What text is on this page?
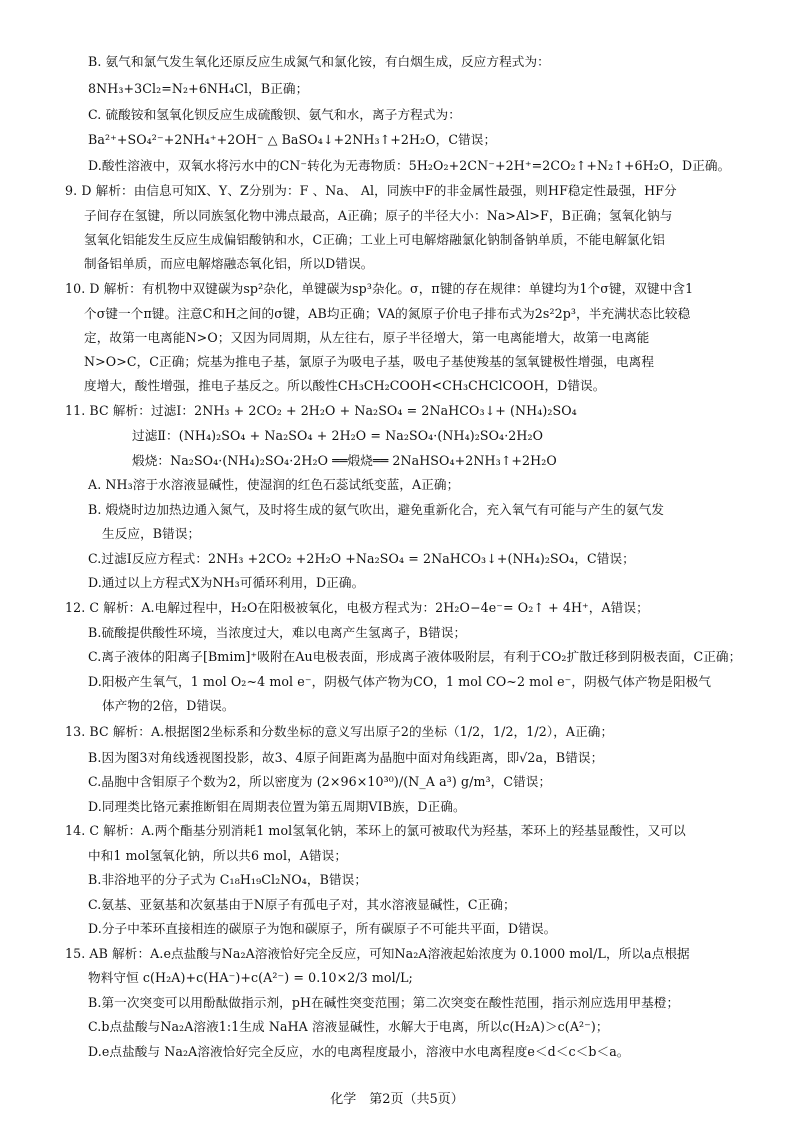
B. 氨气和氯气发生氧化还原反应生成氮气和氯化铵，有白烟生成，反应方程式为：
8NH₃+3Cl₂=N₂+6NH₄Cl，B正确；
C. 硫酸铵和氢氧化钡反应生成硫酸钡、氨气和水，离子方程式为：
Ba²⁺+SO₄²⁻+2NH₄⁺+2OH⁻ △ BaSO₄↓+2NH₃↑+2H₂O，C错误；
D.酸性溶液中，双氧水将污水中的CN⁻转化为无毒物质：5H₂O₂+2CN⁻+2H⁺=2CO₂↑+N₂↑+6H₂O，D正确。
9. D 解析：由信息可知X、Y、Z分别为：F 、Na、 Al，同族中F的非金属性最强，则HF稳定性最强，HF分
子间存在氢键，所以同族氢化物中沸点最高，A正确；原子的半径大小：Na>Al>F，B正确；氢氧化钠与
氢氧化铝能发生反应生成偏铝酸钠和水，C正确；工业上可电解熔融氯化钠制备钠单质，不能电解氯化铝
制备铝单质，而应电解熔融态氧化铝，所以D错误。
10. D 解析：有机物中双键碳为sp²杂化，单键碳为sp³杂化。σ，π键的存在规律：单键均为1个σ键，双键中含1
个σ键一个π键。注意C和H之间的σ键，AB均正确；VA的氮原子价电子排布式为2s²2p³，半充满状态比较稳
定，故第一电离能N>O；又因为同周期，从左往右，原子半径增大，第一电离能增大，故第一电离能
N>O>C，C正确；烷基为推电子基，氯原子为吸电子基，吸电子基使羧基的氢氧键极性增强，电离程
度增大，酸性增强，推电子基反之。所以酸性CH₃CH₂COOH<CH₃CHClCOOH，D错误。
11. BC 解析：过滤Ⅰ：2NH₃ + 2CO₂ + 2H₂O + Na₂SO₄ = 2NaHCO₃↓+ (NH₄)₂SO₄
过滤Ⅱ：(NH₄)₂SO₄ + Na₂SO₄ + 2H₂O = Na₂SO₄·(NH₄)₂SO₄·2H₂O
煅烧：Na₂SO₄·(NH₄)₂SO₄·2H₂O ══煅烧══ 2NaHSO₄+2NH₃↑+2H₂O
A. NH₃溶于水溶液显碱性，使湿润的红色石蕊试纸变蓝，A正确；
B. 煅烧时边加热边通入氮气，及时将生成的氨气吹出，避免重新化合，充入氧气有可能与产生的氨气发
生反应，B错误；
C.过滤Ⅰ反应方程式：2NH₃ +2CO₂ +2H₂O +Na₂SO₄ = 2NaHCO₃↓+(NH₄)₂SO₄，C错误；
D.通过以上方程式X为NH₃可循环利用，D正确。
12. C 解析：A.电解过程中，H₂O在阳极被氧化，电极方程式为：2H₂O−4e⁻= O₂↑ + 4H⁺，A错误；
B.硫酸提供酸性环境，当浓度过大，难以电离产生氢离子，B错误；
C.离子液体的阳离子[Bmim]⁺吸附在Au电极表面，形成离子液体吸附层，有利于CO₂扩散迁移到阴极表面，C正确；
D.阳极产生氧气，1 mol O₂~4 mol e⁻，阴极气体产物为CO，1 mol CO~2 mol e⁻，阴极气体产物是阳极气
体产物的2倍，D错误。
13. BC 解析：A.根据图2坐标系和分数坐标的意义写出原子2的坐标（1/2，1/2，1/2），A正确；
B.因为图3对角线透视图投影，故3、4原子间距离为晶胞中面对角线距离，即√2a，B错误；
C.晶胞中含钼原子个数为2，所以密度为 (2×96×10³⁰)/(N_A a³) g/m³，C错误；
D.同理类比铬元素推断钼在周期表位置为第五周期VIB族，D正确。
14. C 解析：A.两个酯基分别消耗1 mol氢氧化钠，苯环上的氯可被取代为羟基，苯环上的羟基显酸性，又可以
中和1 mol氢氧化钠，所以共6 mol，A错误；
B.非浴地平的分子式为 C₁₈H₁₉Cl₂NO₄，B错误；
C.氨基、亚氨基和次氨基由于N原子有孤电子对，其水溶液显碱性，C正确；
D.分子中苯环直接相连的碳原子为饱和碳原子，所有碳原子不可能共平面，D错误。
15. AB 解析：A.e点盐酸与Na₂A溶液恰好完全反应，可知Na₂A溶液起始浓度为 0.1000 mol/L，所以a点根据
物料守恒 c(H₂A)+c(HA⁻)+c(A²⁻) = 0.10×2/3 mol/L;
B.第一次突变可以用酚酞做指示剂，pH在碱性突变范围；第二次突变在酸性范围，指示剂应选用甲基橙；
C.b点盐酸与Na₂A溶液1:1生成 NaHA 溶液显碱性，水解大于电离，所以c(H₂A)＞c(A²⁻)；
D.e点盐酸与 Na₂A溶液恰好完全反应，水的电离程度最小，溶液中水电离程度e＜d＜c＜b＜a。
化学　第2页（共5页）
